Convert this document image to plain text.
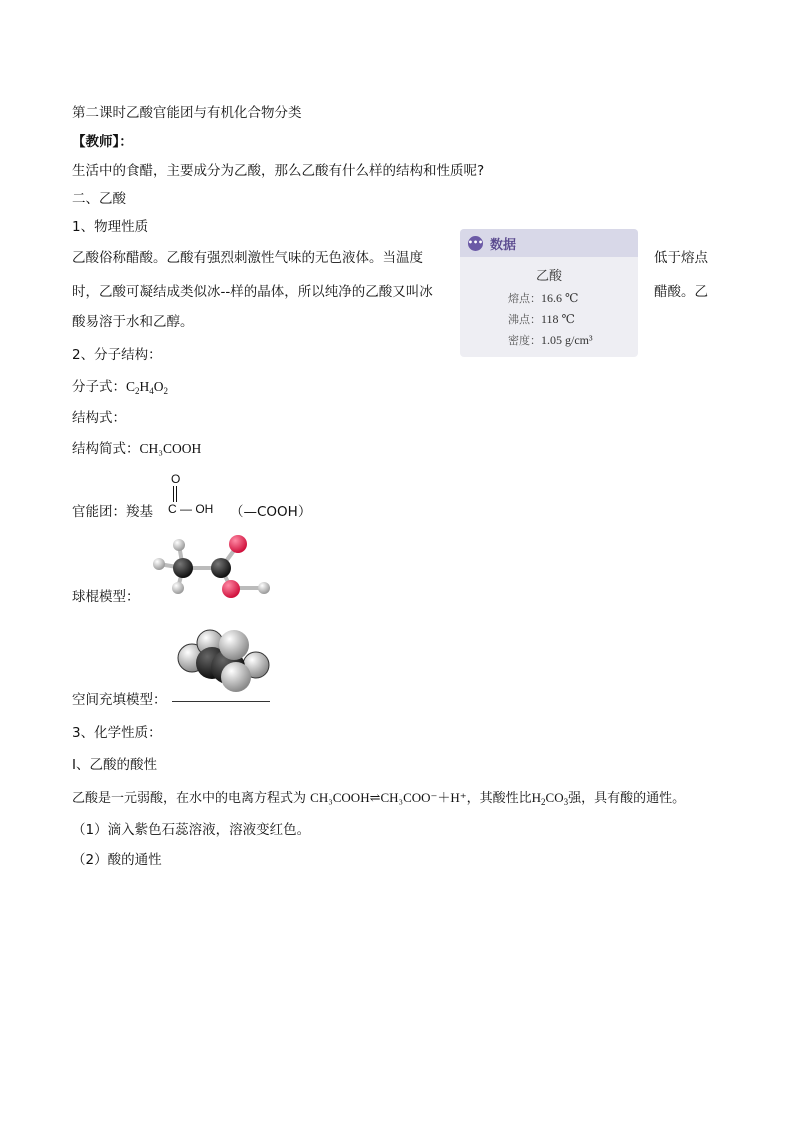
第二课时乙酸官能团与有机化合物分类
【教师】：
生活中的食醋，主要成分为乙酸，那么乙酸有什么样的结构和性质呢?
二、乙酸
1、物理性质
乙酸俗称醋酸。乙酸有强烈刺激性气味的无色液体。当温度	低于熔点
时，乙酸可凝结成类似冰--样的晶体，所以纯净的乙酸又叫冰	醋酸。乙
酸易溶于水和乙醇。
••• 数据
乙酸
熔点：16.6 ℃
沸点：118 ℃
密度：1.05 g/cm³
2、分子结构：
分子式：$C_2H_4O_2$
结构式：
结构简式：CH₃COOH
官能团：羧基
O
C — OH （—COOH）
球棍模型：
空间充填模型：
3、化学性质：
I、乙酸的酸性
乙酸是一元弱酸，在水中的电离方程式为 CH₃COOH⇌CH₃COO⁻＋H⁺，其酸性比$H_2CO_3$强，具有酸的通性。
（1）滴入紫色石蕊溶液，溶液变红色。
（2）酸的通性
